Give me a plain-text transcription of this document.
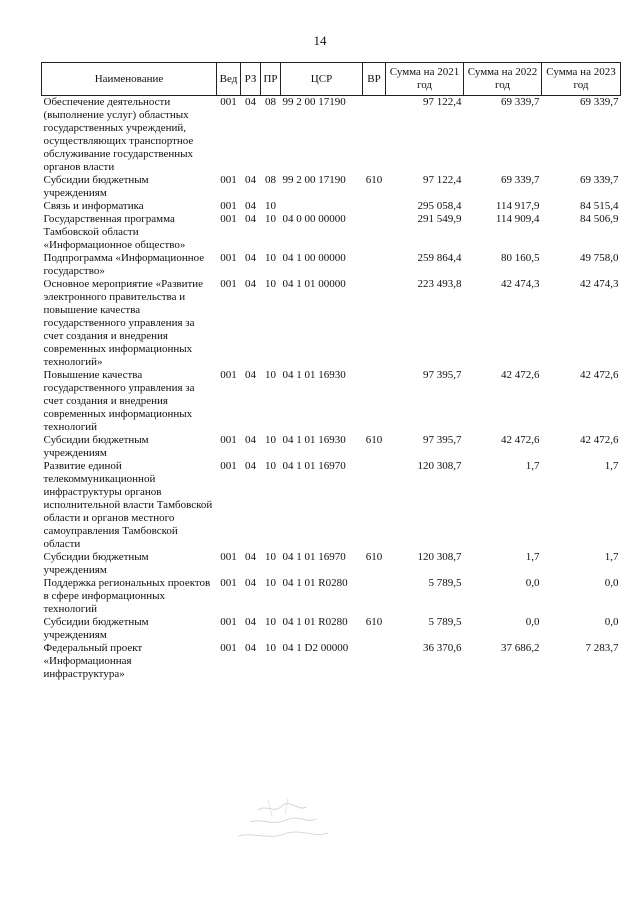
14
Наименование	Вед	РЗ	ПР	ЦСР	ВР	Сумма на 2021 год	Сумма на 2022 год	Сумма на 2023 год
Обеспечение деятельности (выполнение услуг) областных государственных учреждений, осуществляющих транспортное обслуживание государственных органов власти	001	04	08	99 2 00 17190		97 122,4	69 339,7	69 339,7
Субсидии бюджетным учреждениям	001	04	08	99 2 00 17190	610	97 122,4	69 339,7	69 339,7
Связь и информатика	001	04	10			295 058,4	114 917,9	84 515,4
Государственная программа Тамбовской области «Информационное общество»	001	04	10	04 0 00 00000		291 549,9	114 909,4	84 506,9
Подпрограмма «Информационное государство»	001	04	10	04 1 00 00000		259 864,4	80 160,5	49 758,0
Основное мероприятие «Развитие электронного правительства и повышение качества государственного управления за счет создания и внедрения современных информационных технологий»	001	04	10	04 1 01 00000		223 493,8	42 474,3	42 474,3
Повышение качества государственного управления за счет создания и внедрения современных информационных технологий	001	04	10	04 1 01 16930		97 395,7	42 472,6	42 472,6
Субсидии бюджетным учреждениям	001	04	10	04 1 01 16930	610	97 395,7	42 472,6	42 472,6
Развитие единой телекоммуникационной инфраструктуры органов исполнительной власти Тамбовской области и органов местного самоуправления Тамбовской области	001	04	10	04 1 01 16970		120 308,7	1,7	1,7
Субсидии бюджетным учреждениям	001	04	10	04 1 01 16970	610	120 308,7	1,7	1,7
Поддержка региональных проектов в сфере информационных технологий	001	04	10	04 1 01 R0280		5 789,5	0,0	0,0
Субсидии бюджетным учреждениям	001	04	10	04 1 01 R0280	610	5 789,5	0,0	0,0
Федеральный проект «Информационная инфраструктура»	001	04	10	04 1 D2 00000		36 370,6	37 686,2	7 283,7
